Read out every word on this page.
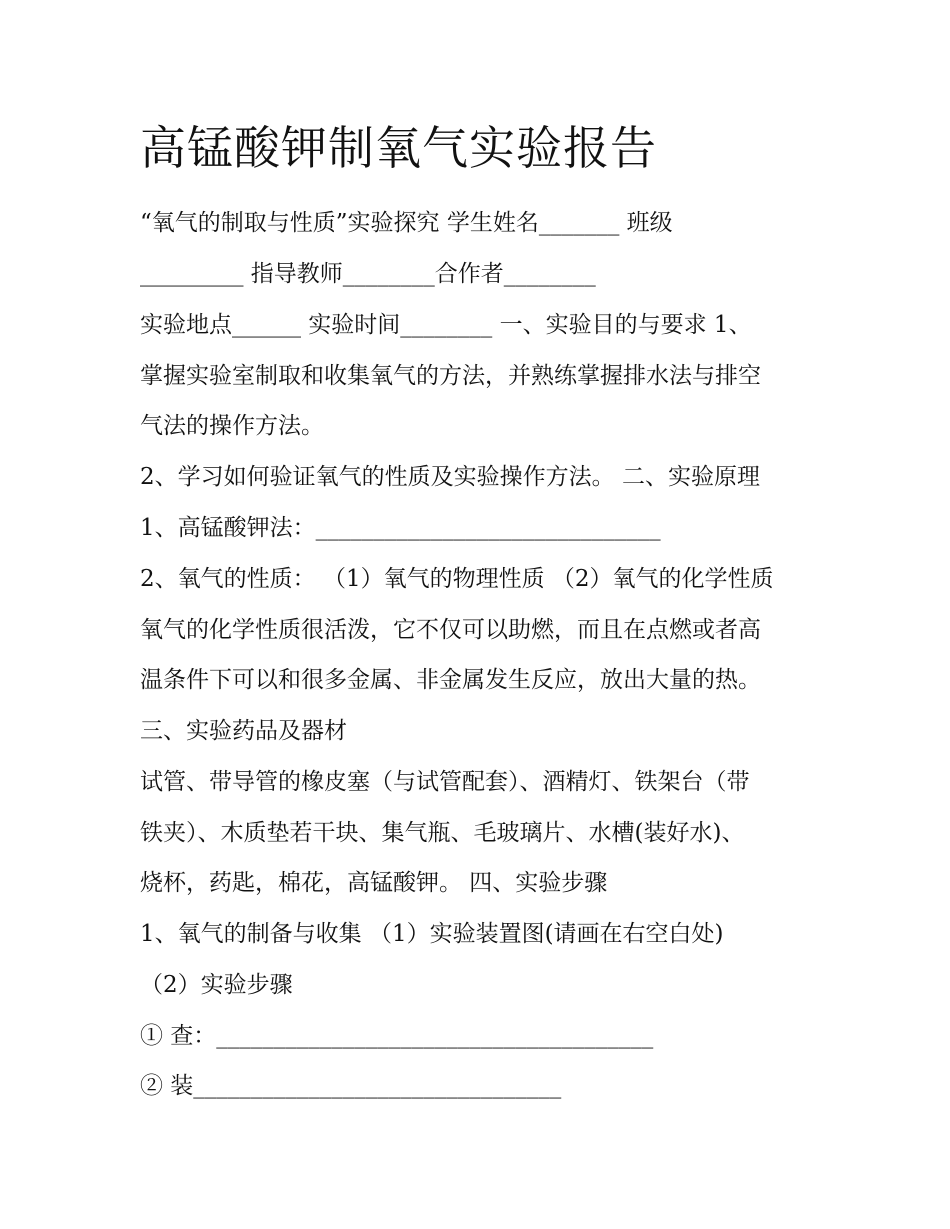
高锰酸钾制氧气实验报告
“氧气的制取与性质”实验探究 学生姓名_______ 班级
_________ 指导教师________合作者________
实验地点______ 实验时间________ 一、实验目的与要求 1、
掌握实验室制取和收集氧气的方法，并熟练掌握排水法与排空
气法的操作方法。
2、学习如何验证氧气的性质及实验操作方法。 二、实验原理
1、高锰酸钾法：______________________________
2、氧气的性质： （1）氧气的物理性质 （2）氧气的化学性质
氧气的化学性质很活泼，它不仅可以助燃，而且在点燃或者高
温条件下可以和很多金属、非金属发生反应，放出大量的热。
三、实验药品及器材
试管、带导管的橡皮塞（与试管配套）、酒精灯、铁架台（带
铁夹）、木质垫若干块、集气瓶、毛玻璃片、水槽(装好水)、
烧杯，药匙，棉花，高锰酸钾。 四、实验步骤
1、氧气的制备与收集 （1）实验装置图(请画在右空白处)
（2）实验步骤
① 查：______________________________________
② 装________________________________
